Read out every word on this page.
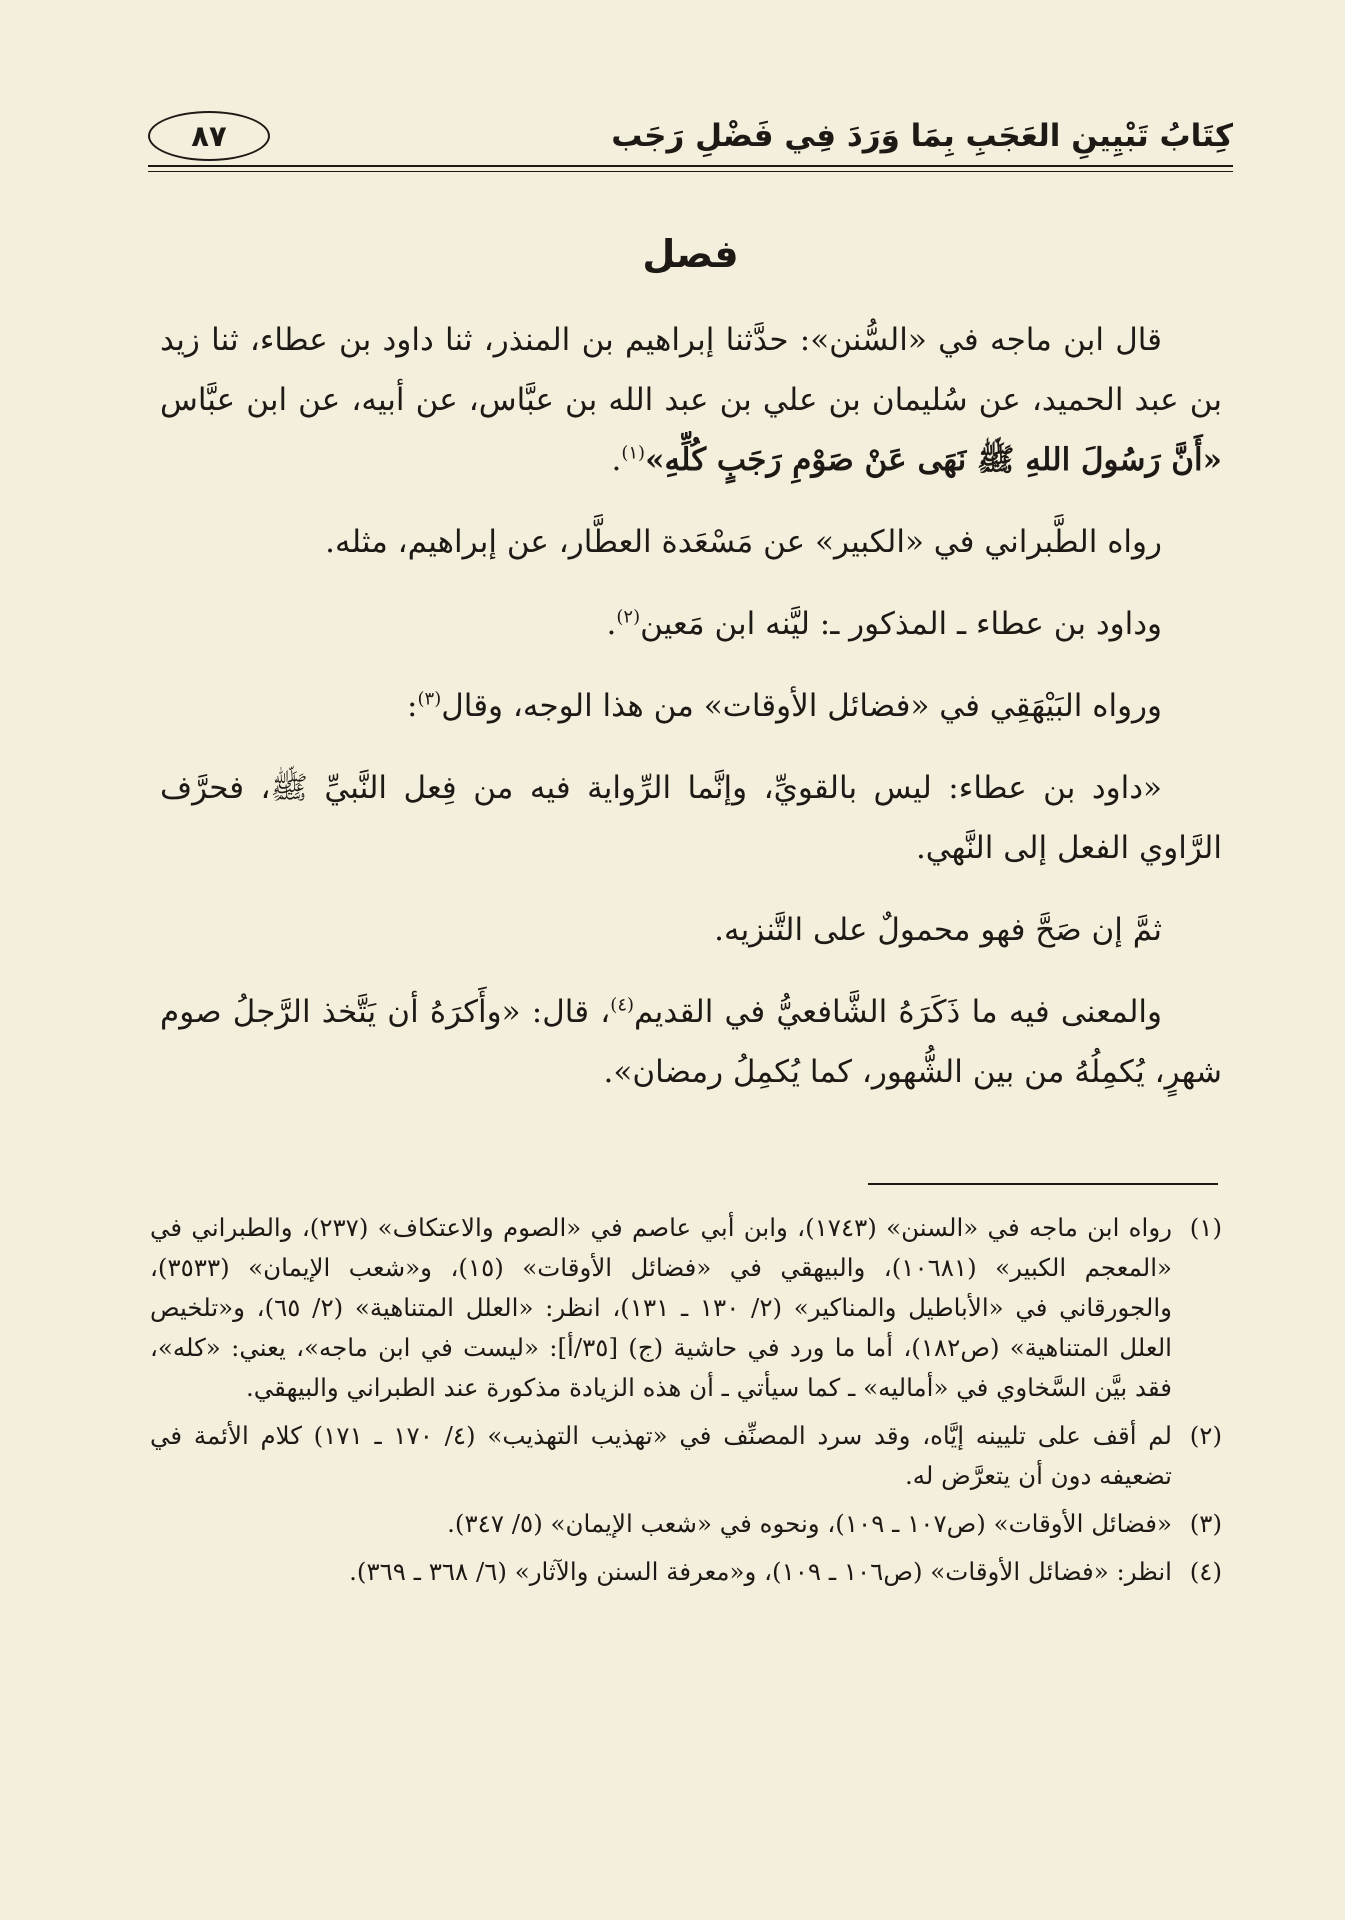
كِتَابُ تَبْيِينِ العَجَبِ بِمَا وَرَدَ فِي فَضْلِ رَجَب
٨٧
فصل

قال ابن ماجه في «السُّنن»: حدَّثنا إبراهيم بن المنذر، ثنا داود بن عطاء، ثنا زيد بن عبد الحميد، عن سُليمان بن علي بن عبد الله بن عبَّاس، عن أبيه، عن ابن عبَّاس «أَنَّ رَسُولَ اللهِ ﷺ نَهَى عَنْ صَوْمِ رَجَبٍ كُلِّهِ»$^{(١)}$.

رواه الطَّبراني في «الكبير» عن مَسْعَدة العطَّار، عن إبراهيم، مثله.

وداود بن عطاء ـ المذكور ـ: ليَّنه ابن مَعين$^{(٢)}$.

ورواه البَيْهَقِي في «فضائل الأوقات» من هذا الوجه، وقال$^{(٣)}$:

«داود بن عطاء: ليس بالقويِّ، وإنَّما الرِّواية فيه من فِعل النَّبيِّ ﷺ، فحرَّف الرَّاوي الفعل إلى النَّهي.

ثمَّ إن صَحَّ فهو محمولٌ على التَّنزيه.

والمعنى فيه ما ذَكَرَهُ الشَّافعيُّ في القديم$^{(٤)}$، قال: «وأَكرَهُ أن يَتَّخذ الرَّجلُ صوم شهرٍ، يُكمِلُهُ من بين الشُّهور، كما يُكمِلُ رمضان».

(١)
رواه ابن ماجه في «السنن» (١٧٤٣)، وابن أبي عاصم في «الصوم والاعتكاف» (٢٣٧)، والطبراني في «المعجم الكبير» (١٠٦٨١)، والبيهقي في «فضائل الأوقات» (١٥)، و«شعب الإيمان» (٣٥٣٣)، والجورقاني في «الأباطيل والمناكير» (٢/ ١٣٠ ـ ١٣١)، انظر: «العلل المتناهية» (٢/ ٦٥)، و«تلخيص العلل المتناهية» (ص١٨٢)، أما ما ورد في حاشية (ج) [٣٥/أ]: «ليست في ابن ماجه»، يعني: «كله»، فقد بيَّن السَّخاوي في «أماليه» ـ كما سيأتي ـ أن هذه الزيادة مذكورة عند الطبراني والبيهقي.
(٢)
لم أقف على تليينه إيَّاه، وقد سرد المصنِّف في «تهذيب التهذيب» (٤/ ١٧٠ ـ ١٧١) كلام الأئمة في تضعيفه دون أن يتعرَّض له.
(٣)
«فضائل الأوقات» (ص١٠٧ ـ ١٠٩)، ونحوه في «شعب الإيمان» (٥/ ٣٤٧).
(٤)
انظر: «فضائل الأوقات» (ص١٠٦ ـ ١٠٩)، و«معرفة السنن والآثار» (٦/ ٣٦٨ ـ ٣٦٩).
